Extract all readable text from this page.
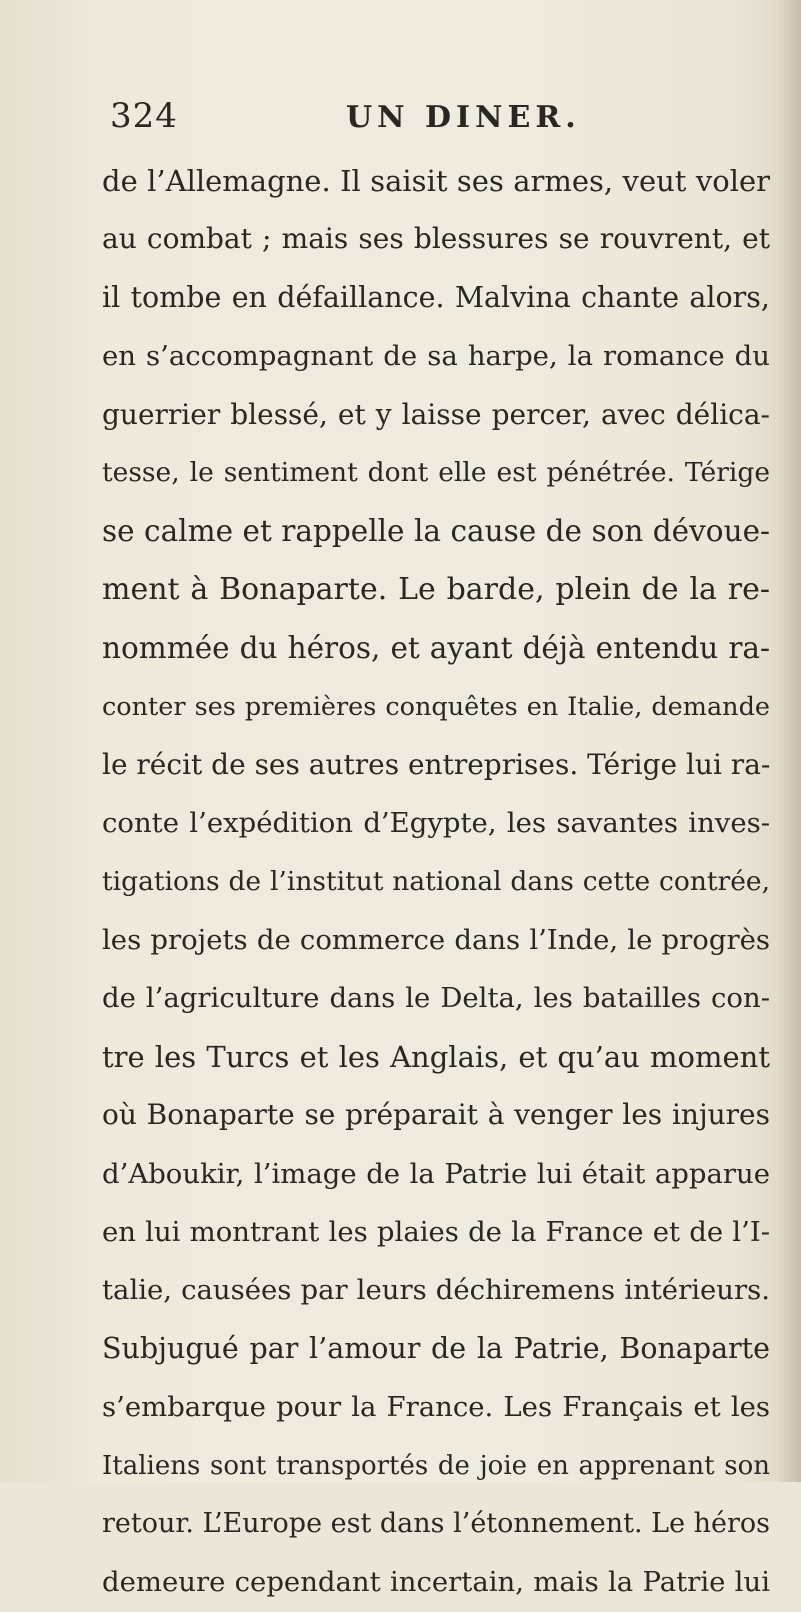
324	UN DINER.
de l’Allemagne. Il saisit ses armes, veut voler
au combat ; mais ses blessures se rouvrent, et
il tombe en défaillance. Malvina chante alors,
en s’accompagnant de sa harpe, la romance du
guerrier blessé, et y laisse percer, avec délica-
tesse, le sentiment dont elle est pénétrée. Térige
se calme et rappelle la cause de son dévoue-
ment à Bonaparte. Le barde, plein de la re-
nommée du héros, et ayant déjà entendu ra-
conter ses premières conquêtes en Italie, demande
le récit de ses autres entreprises. Térige lui ra-
conte l’expédition d’Egypte, les savantes inves-
tigations de l’institut national dans cette contrée,
les projets de commerce dans l’Inde, le progrès
de l’agriculture dans le Delta, les batailles con-
tre les Turcs et les Anglais, et qu’au moment
où Bonaparte se préparait à venger les injures
d’Aboukir, l’image de la Patrie lui était apparue
en lui montrant les plaies de la France et de l’I-
talie, causées par leurs déchiremens intérieurs.
Subjugué par l’amour de la Patrie, Bonaparte
s’embarque pour la France. Les Français et les
Italiens sont transportés de joie en apprenant son
retour. L’Europe est dans l’étonnement. Le héros
demeure cependant incertain, mais la Patrie lui
